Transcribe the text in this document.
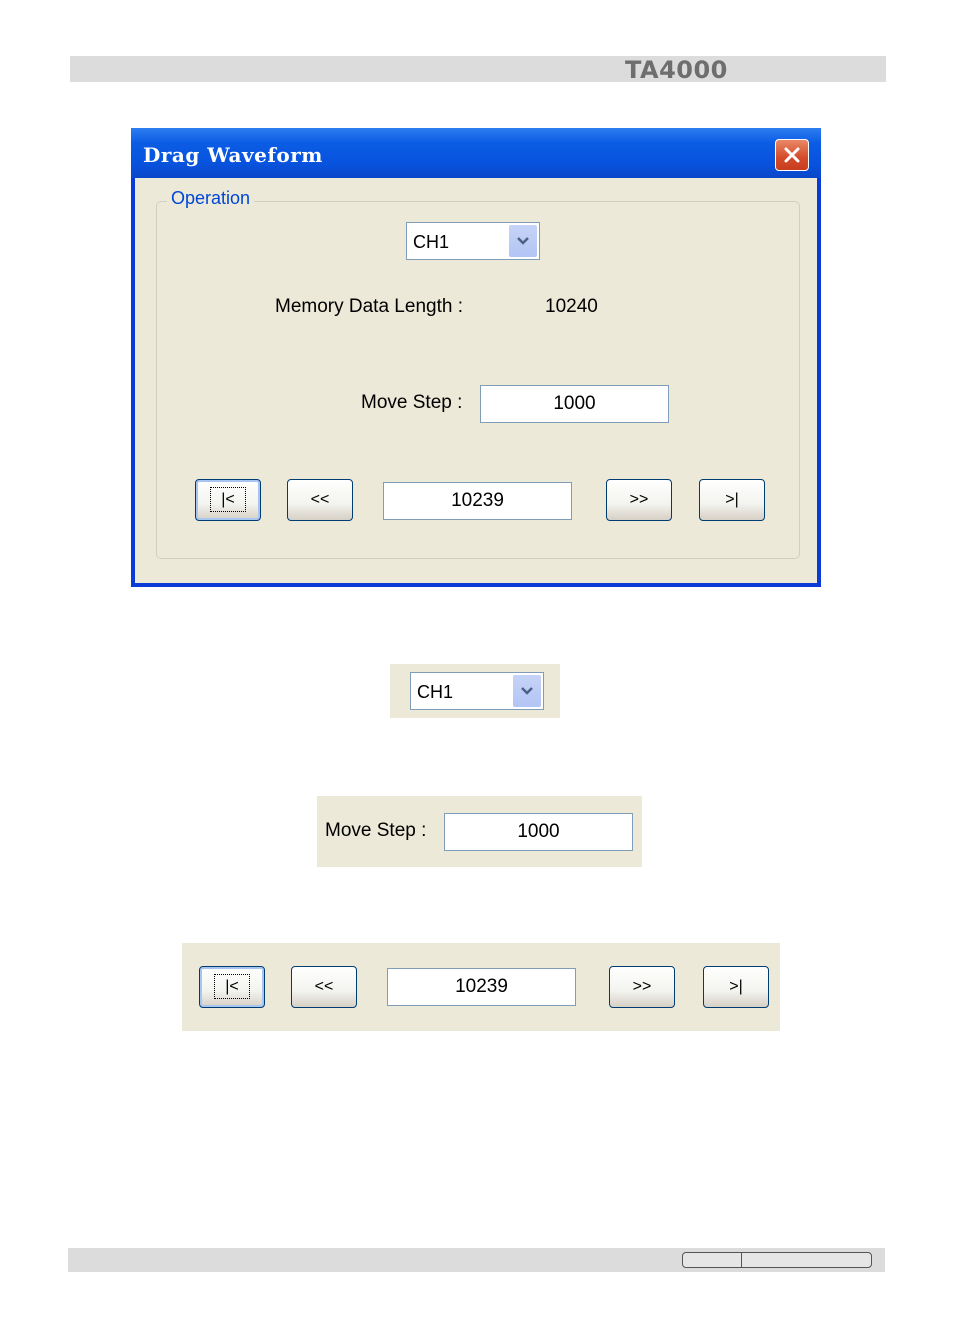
TA4000
Drag Waveform
Operation
CH1
Memory Data Length :	10240
Move Step :	1000
|<	<<	10239	>>	>|
CH1
Move Step :	1000
|<	<<	10239	>>	>|
